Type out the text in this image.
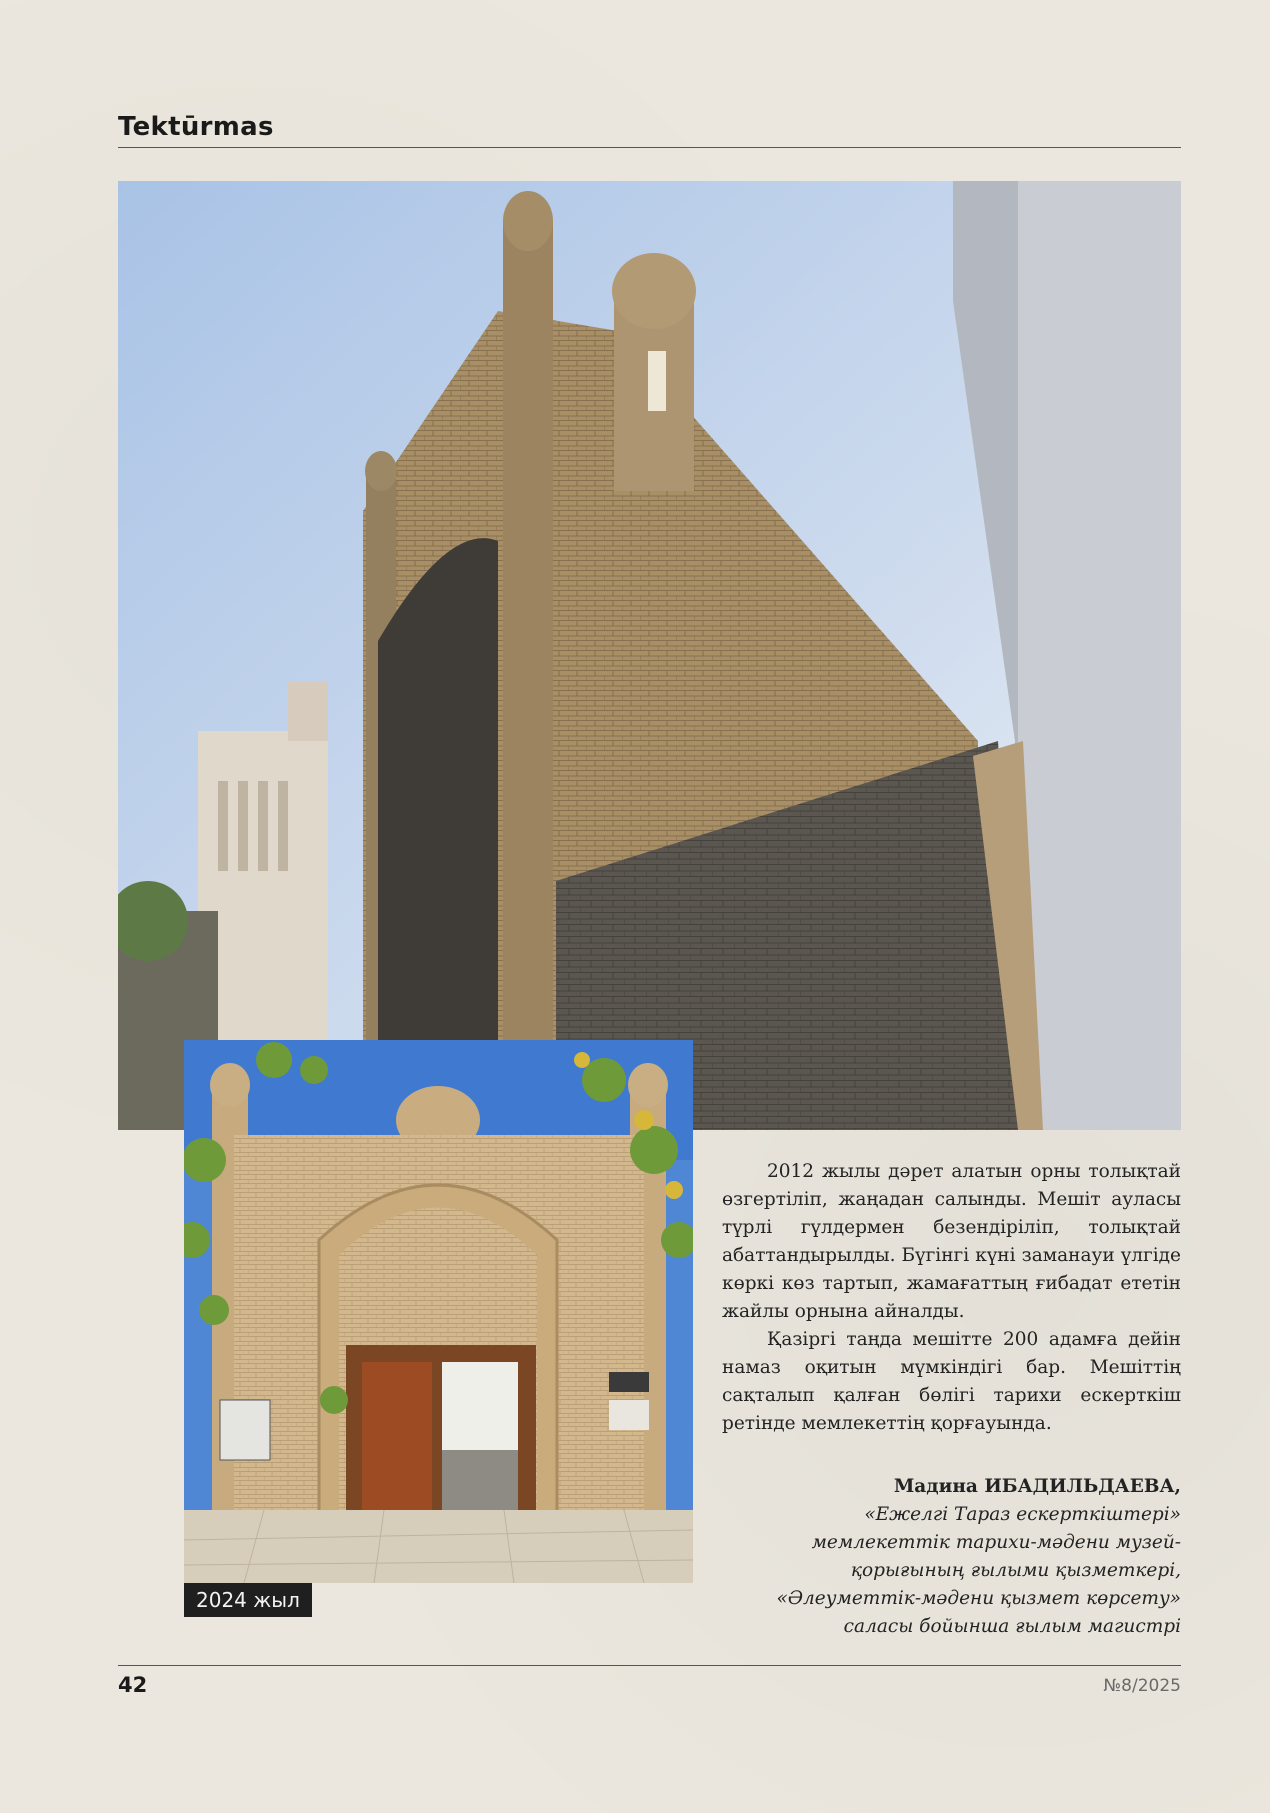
Tektūrmas
2024 жыл

2012 жылы дәрет алатын орны толықтай өзгертіліп, жаңадан салынды. Мешіт ауласы түрлі гүлдермен безендіріліп, толықтай абаттандырылды. Бүгінгі күні заманауи үлгіде көркі көз тартып, жамағаттың ғибадат ететін жайлы орнына айналды.

Қазіргі таңда мешітте 200 адамға дейін намаз оқитын мүмкіндігі бар. Мешіттің сақталып қалған бөлігі тарихи ескерткіш ретінде мемлекеттің қорғауында.

Мадина ИБАДИЛЬДАЕВА,
«Ежелгі Тараз ескерткіштері»
мемлекеттік тарихи-мәдени музей-
қорығының ғылыми қызметкері,
«Әлеуметтік-мәдени қызмет көрсету»
саласы бойынша ғылым магистрі
42	№8/2025
